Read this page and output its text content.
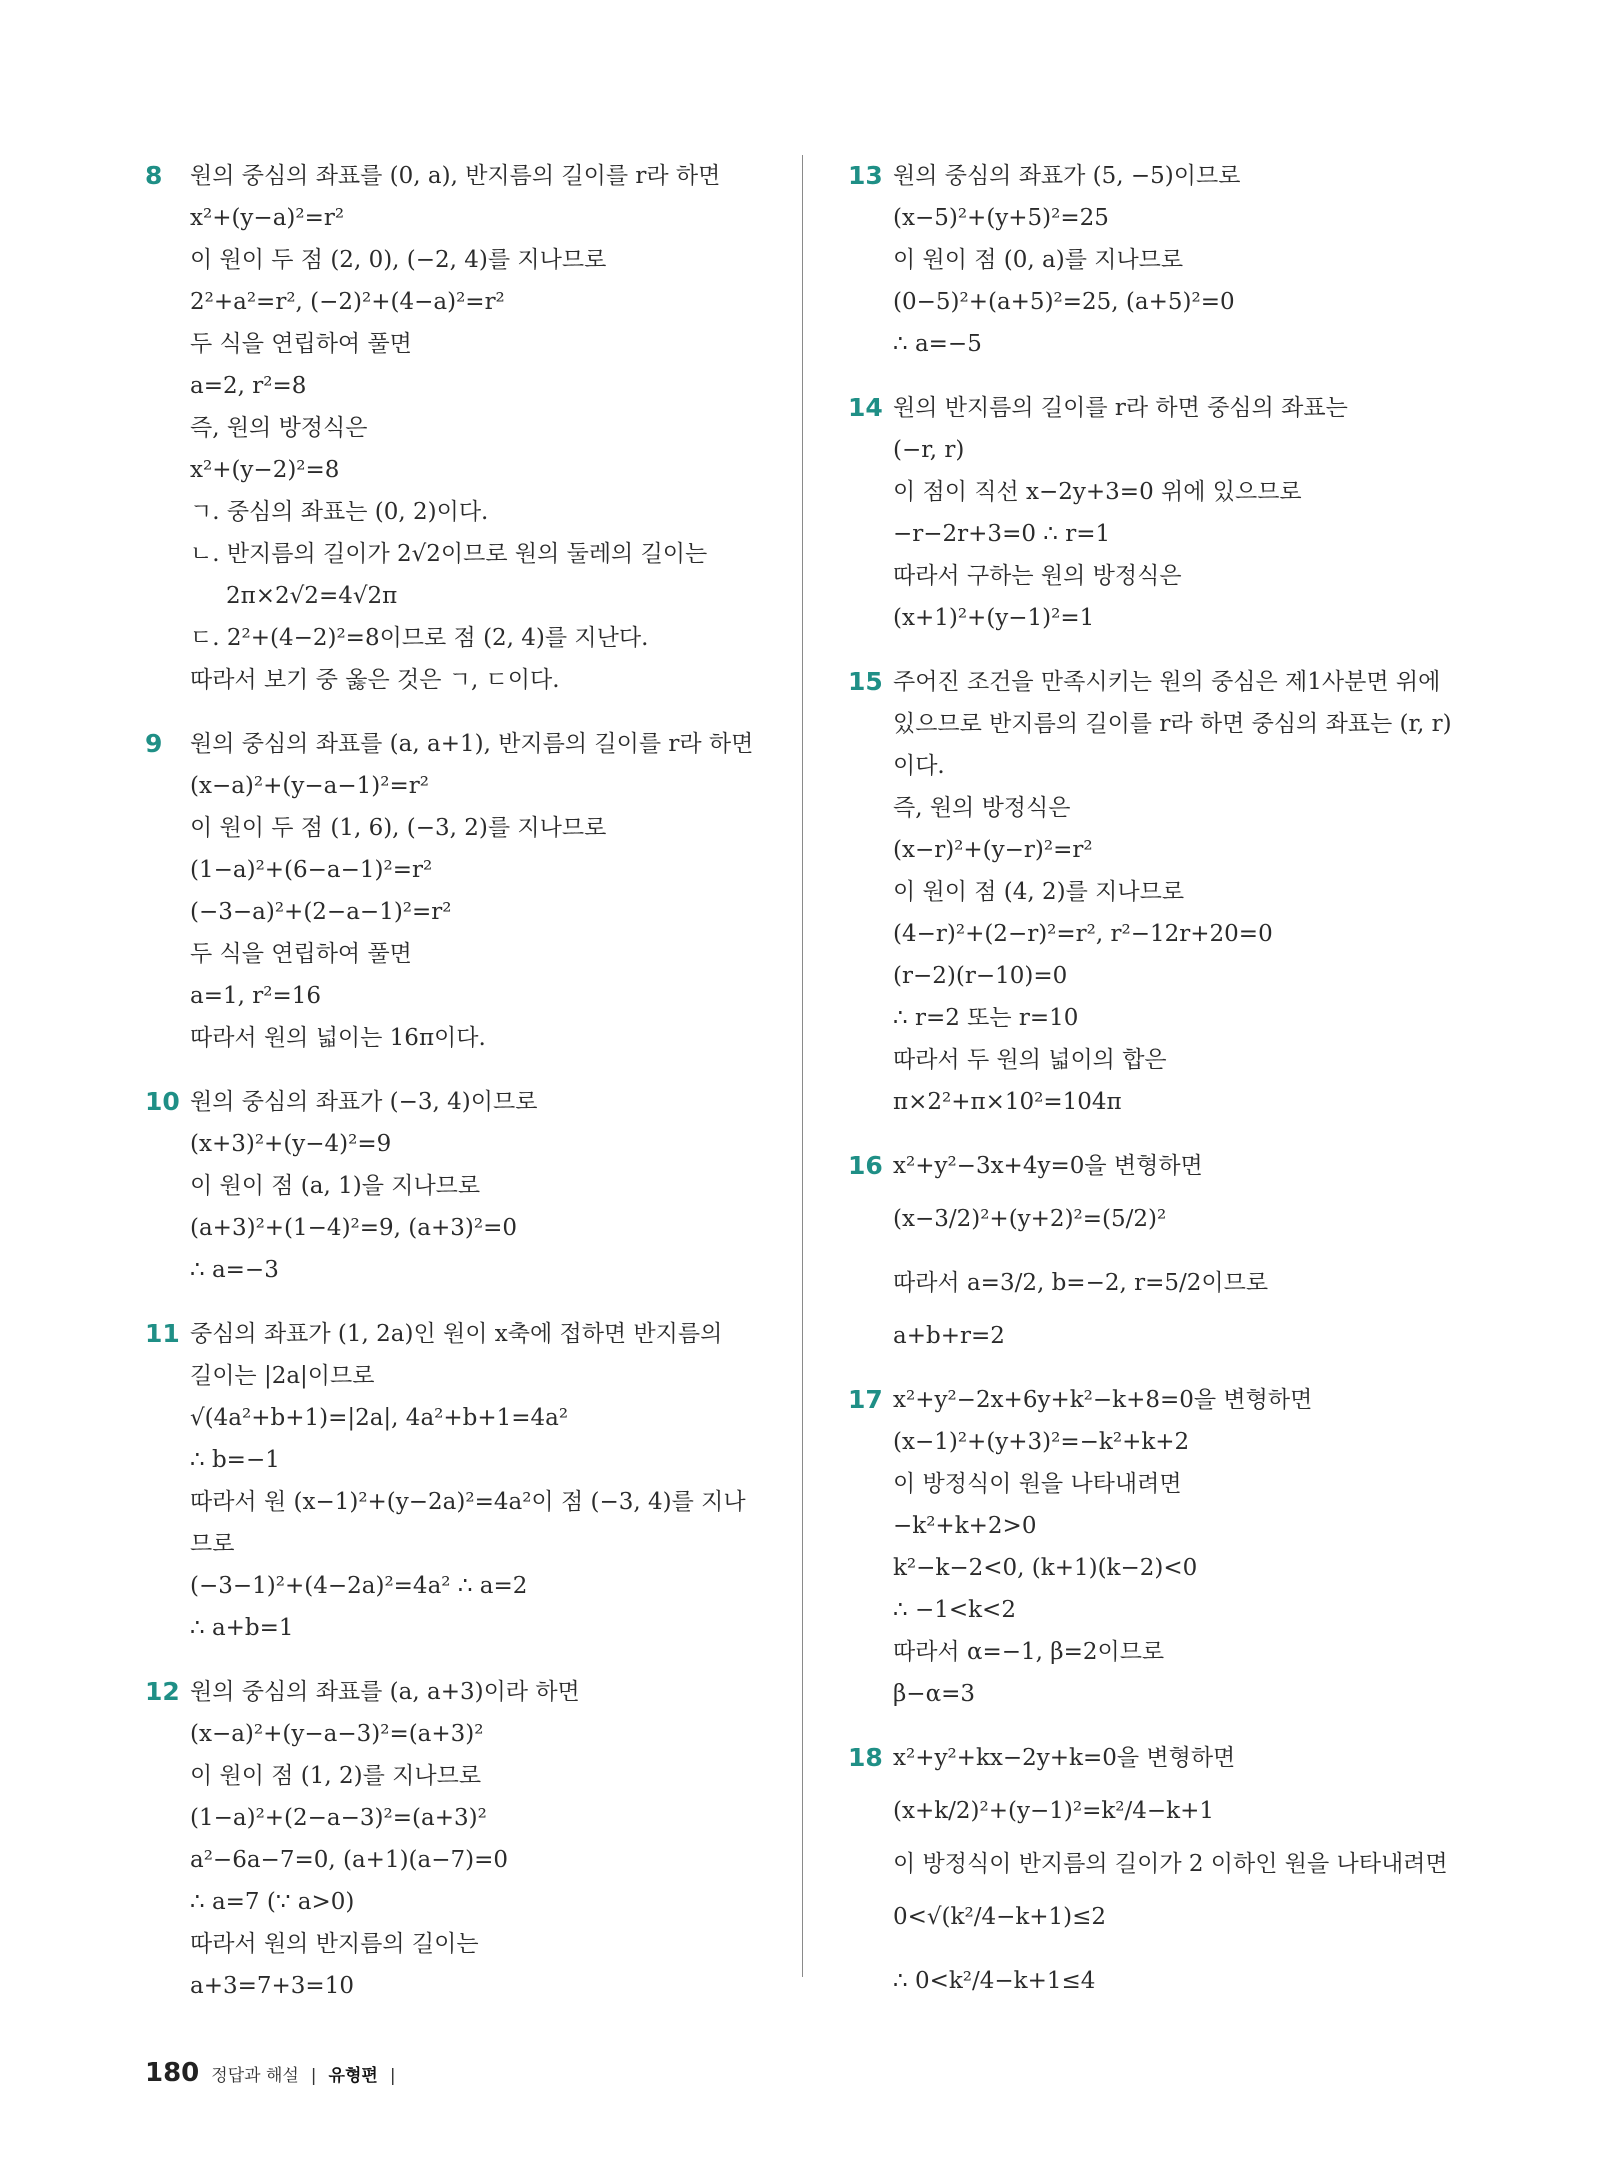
8	원의 중심의 좌표를 (0, a), 반지름의 길이를 r라 하면
x²+(y−a)²=r²
이 원이 두 점 (2, 0), (−2, 4)를 지나므로
2²+a²=r², (−2)²+(4−a)²=r²
두 식을 연립하여 풀면
a=2, r²=8
즉, 원의 방정식은
x²+(y−2)²=8
ㄱ. 중심의 좌표는 (0, 2)이다.
ㄴ. 반지름의 길이가 2√2이므로 원의 둘레의 길이는
2π×2√2=4√2π
ㄷ. 2²+(4−2)²=8이므로 점 (2, 4)를 지난다.
따라서 보기 중 옳은 것은 ㄱ, ㄷ이다.
9	원의 중심의 좌표를 (a, a+1), 반지름의 길이를 r라 하면
(x−a)²+(y−a−1)²=r²
이 원이 두 점 (1, 6), (−3, 2)를 지나므로
(1−a)²+(6−a−1)²=r²
(−3−a)²+(2−a−1)²=r²
두 식을 연립하여 풀면
a=1, r²=16
따라서 원의 넓이는 16π이다.
10 원의 중심의 좌표가 (−3, 4)이므로
(x+3)²+(y−4)²=9
이 원이 점 (a, 1)을 지나므로
(a+3)²+(1−4)²=9, (a+3)²=0
∴ a=−3
11 중심의 좌표가 (1, 2a)인 원이 x축에 접하면 반지름의
길이는 |2a|이므로
√(4a²+b+1)=|2a|, 4a²+b+1=4a²
∴ b=−1
따라서 원 (x−1)²+(y−2a)²=4a²이 점 (−3, 4)를 지나
므로
(−3−1)²+(4−2a)²=4a² ∴ a=2
∴ a+b=1
12 원의 중심의 좌표를 (a, a+3)이라 하면
(x−a)²+(y−a−3)²=(a+3)²
이 원이 점 (1, 2)를 지나므로
(1−a)²+(2−a−3)²=(a+3)²
a²−6a−7=0, (a+1)(a−7)=0
∴ a=7 (∵ a>0)
따라서 원의 반지름의 길이는
a+3=7+3=10
13 원의 중심의 좌표가 (5, −5)이므로
(x−5)²+(y+5)²=25
이 원이 점 (0, a)를 지나므로
(0−5)²+(a+5)²=25, (a+5)²=0
∴ a=−5
14 원의 반지름의 길이를 r라 하면 중심의 좌표는
(−r, r)
이 점이 직선 x−2y+3=0 위에 있으므로
−r−2r+3=0 ∴ r=1
따라서 구하는 원의 방정식은
(x+1)²+(y−1)²=1
15 주어진 조건을 만족시키는 원의 중심은 제1사분면 위에
있으므로 반지름의 길이를 r라 하면 중심의 좌표는 (r, r)
이다.
즉, 원의 방정식은
(x−r)²+(y−r)²=r²
이 원이 점 (4, 2)를 지나므로
(4−r)²+(2−r)²=r², r²−12r+20=0
(r−2)(r−10)=0
∴ r=2 또는 r=10
따라서 두 원의 넓이의 합은
π×2²+π×10²=104π
16 x²+y²−3x+4y=0을 변형하면
(x−3/2)²+(y+2)²=(5/2)²
따라서 a=3/2, b=−2, r=5/2이므로
a+b+r=2
17 x²+y²−2x+6y+k²−k+8=0을 변형하면
(x−1)²+(y+3)²=−k²+k+2
이 방정식이 원을 나타내려면
−k²+k+2>0
k²−k−2<0, (k+1)(k−2)<0
∴ −1<k<2
따라서 α=−1, β=2이므로
β−α=3
18 x²+y²+kx−2y+k=0을 변형하면
(x+k/2)²+(y−1)²=k²/4−k+1
이 방정식이 반지름의 길이가 2 이하인 원을 나타내려면
0<√(k²/4−k+1)≤2
∴ 0<k²/4−k+1≤4
180 정답과 해설 | 유형편 |
